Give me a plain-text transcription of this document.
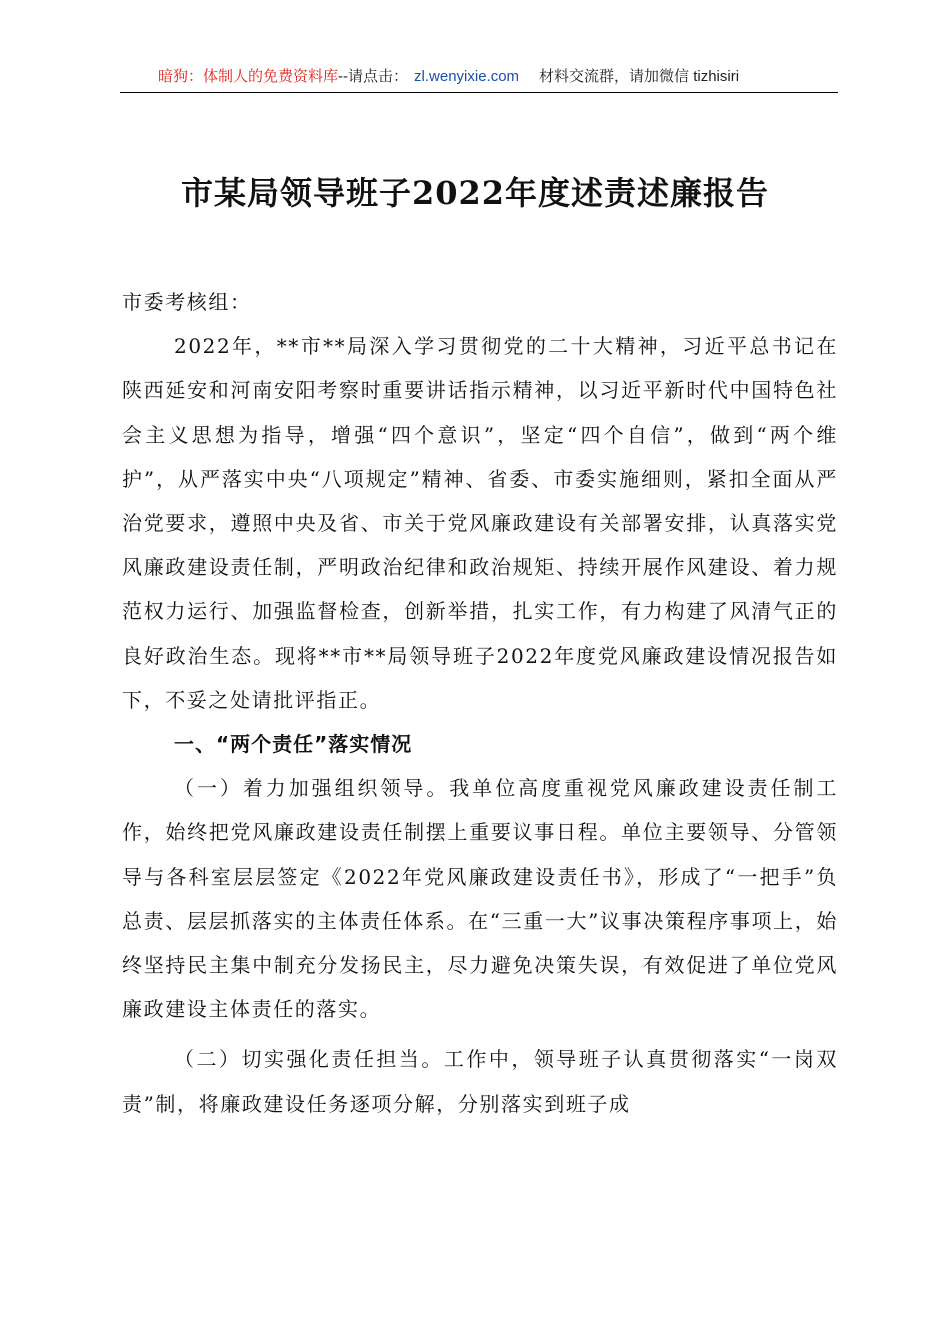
暗狗：体制人的免费资料库--请点击： zl.wenyixie.com 材料交流群，请加微信 tizhisiri
市某局领导班子2022年度述责述廉报告

市委考核组：

2022年，**市**局深入学习贯彻党的二十大精神，习近平总书记在陕西延安和河南安阳考察时重要讲话指示精神，以习近平新时代中国特色社会主义思想为指导，增强“四个意识”，坚定“四个自信”，做到“两个维护”，从严落实中央“八项规定”精神、省委、市委实施细则，紧扣全面从严治党要求，遵照中央及省、市关于党风廉政建设有关部署安排，认真落实党风廉政建设责任制，严明政治纪律和政治规矩、持续开展作风建设、着力规范权力运行、加强监督检查，创新举措，扎实工作，有力构建了风清气正的良好政治生态。现将**市**局领导班子2022年度党风廉政建设情况报告如下，不妥之处请批评指正。

一、“两个责任”落实情况

（一）着力加强组织领导。我单位高度重视党风廉政建设责任制工作，始终把党风廉政建设责任制摆上重要议事日程。单位主要领导、分管领导与各科室层层签定《2022年党风廉政建设责任书》，形成了“一把手”负总责、层层抓落实的主体责任体系。在“三重一大”议事决策程序事项上，始终坚持民主集中制充分发扬民主，尽力避免决策失误，有效促进了单位党风廉政建设主体责任的落实。

（二）切实强化责任担当。工作中，领导班子认真贯彻落实“一岗双责”制，将廉政建设任务逐项分解，分别落实到班子成
